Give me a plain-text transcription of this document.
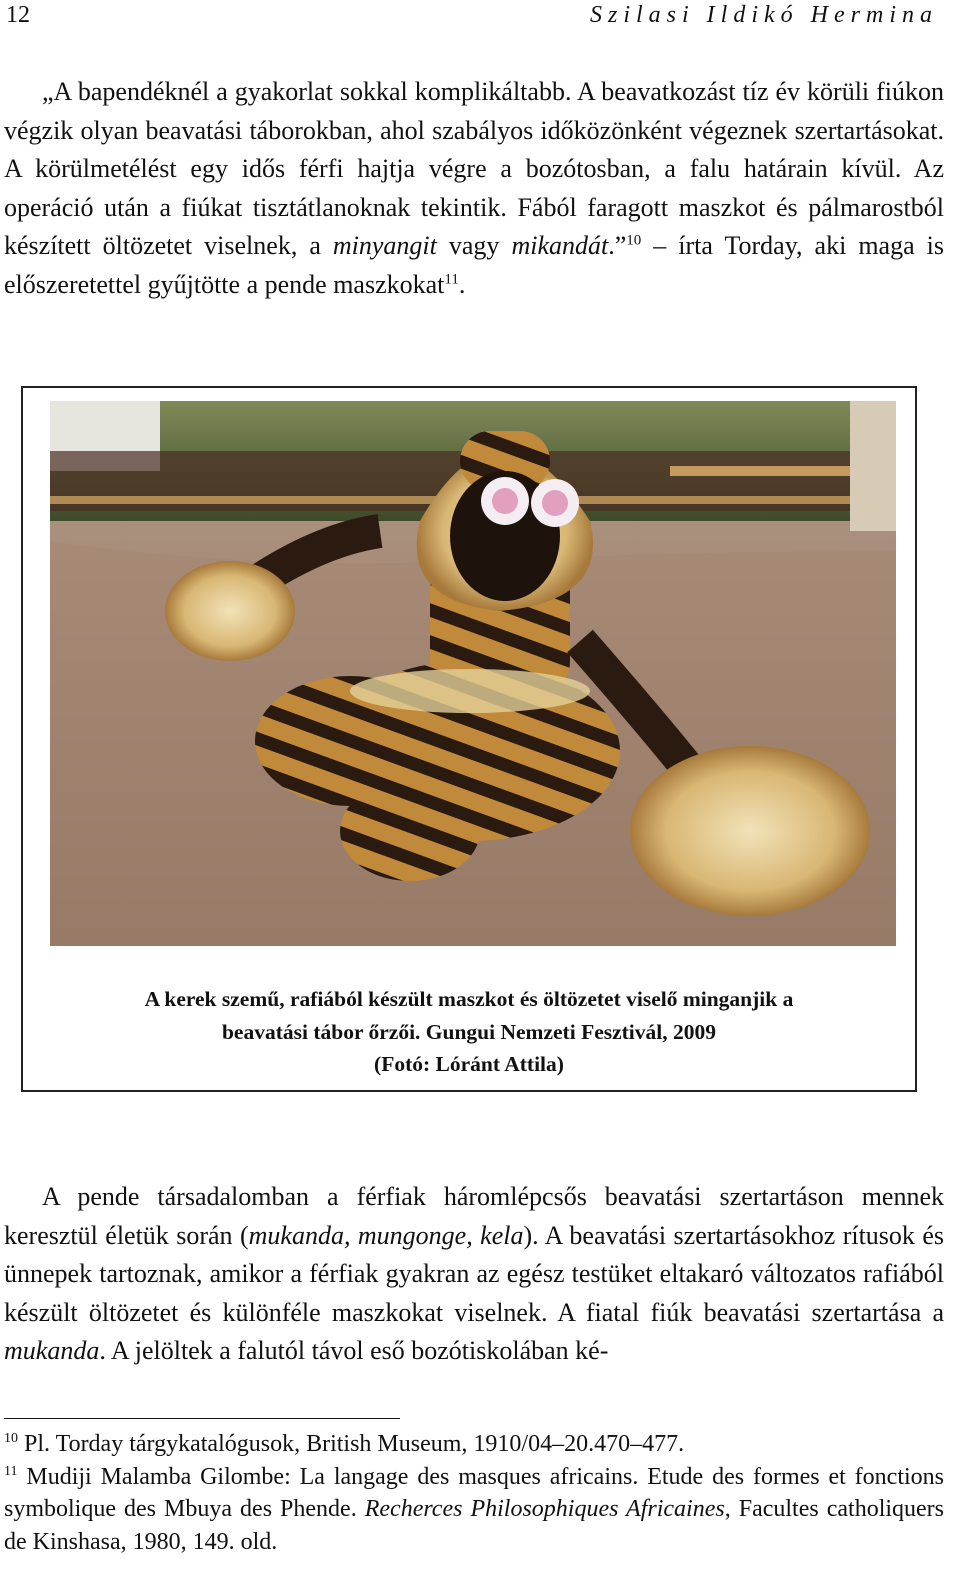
12	Szilasi Ildikó Hermina

„A bapendéknél a gyakorlat sokkal komplikáltabb. A beavatkozást tíz év körüli fiúkon végzik olyan beavatási táborokban, ahol szabályos időközönként végeznek szertartásokat. A körülmetélést egy idős férfi hajtja végre a bozótosban, a falu határain kívül. Az operáció után a fiúkat tisztátlanoknak tekintik. Fából faragott maszkot és pálmarostból készített öltözetet viselnek, a minyangit vagy mikandát.”$^{10}$ – írta Torday, aki maga is előszeretettel gyűjtötte a pende maszkokat$^{11}$.

A kerek szemű, rafiából készült maszkot és öltözetet viselő minganjik a
beavatási tábor őrzői. Gungui Nemzeti Fesztivál, 2009
(Fotó: Lóránt Attila)

A pende társadalomban a férfiak háromlépcsős beavatási szertartáson mennek keresztül életük során (mukanda, mungonge, kela). A beavatási szertartásokhoz rítusok és ünnepek tartoznak, amikor a férfiak gyakran az egész testüket eltakaró változatos rafiából készült öltözetet és különféle maszkokat viselnek. A fiatal fiúk beavatási szertartása a mukanda. A jelöltek a falutól távol eső bozótiskolában ké-

$^{10}$ Pl. Torday tárgykatalógusok, British Museum, 1910/04–20.470–477.

$^{11}$ Mudiji Malamba Gilombe: La langage des masques africains. Etude des formes et fonctions symbolique des Mbuya des Phende. Recherces Philosophiques Africaines, Facultes catholiquers de Kinshasa, 1980, 149. old.
